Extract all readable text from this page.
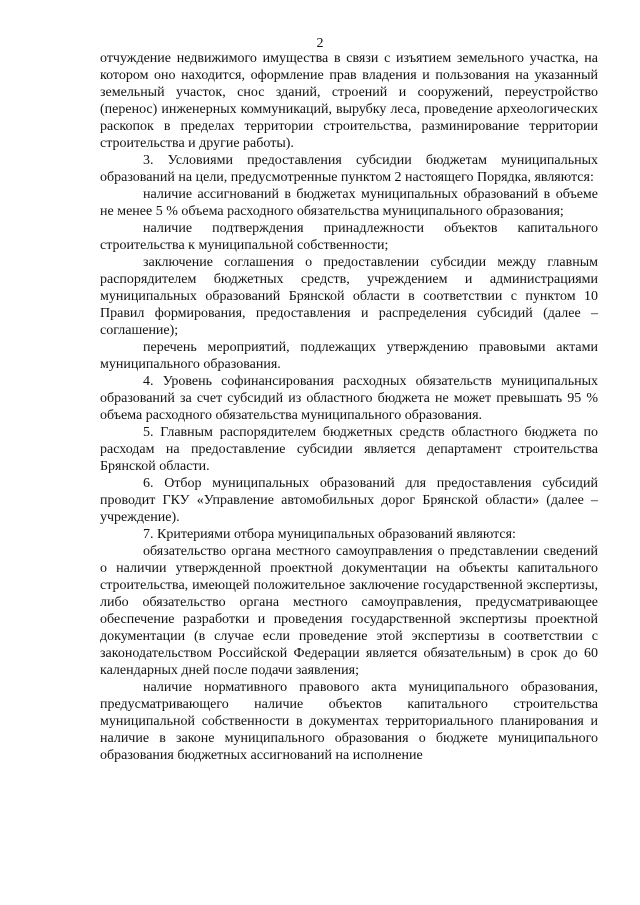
2

отчуждение недвижимого имущества в связи с изъятием земельного участка, на котором оно находится, оформление прав владения и пользования на указанный земельный участок, снос зданий, строений и сооружений, переустройство (перенос) инженерных коммуникаций, вырубку леса, проведение археологических раскопок в пределах территории строительства, разминирование территории строительства и другие работы).

3. Условиями предоставления субсидии бюджетам муниципальных образований на цели, предусмотренные пунктом 2 настоящего Порядка, являются:

наличие ассигнований в бюджетах муниципальных образований в объеме не менее 5 % объема расходного обязательства муниципального образования;

наличие подтверждения принадлежности объектов капитального строительства к муниципальной собственности;

заключение соглашения о предоставлении субсидии между главным распорядителем бюджетных средств, учреждением и администрациями муниципальных образований Брянской области в соответствии с пунктом 10 Правил формирования, предоставления и распределения субсидий (далее – соглашение);

перечень мероприятий, подлежащих утверждению правовыми актами муниципального образования.

4. Уровень софинансирования расходных обязательств муниципальных образований за счет субсидий из областного бюджета не может превышать 95 % объема расходного обязательства муниципального образования.

5. Главным распорядителем бюджетных средств областного бюджета по расходам на предоставление субсидии является департамент строительства Брянской области.

6. Отбор муниципальных образований для предоставления субсидий проводит ГКУ «Управление автомобильных дорог Брянской области» (далее – учреждение).

7. Критериями отбора муниципальных образований являются:

обязательство органа местного самоуправления о представлении сведений о наличии утвержденной проектной документации на объекты капитального строительства, имеющей положительное заключение государственной экспертизы, либо обязательство органа местного самоуправления, предусматривающее обеспечение разработки и проведения государственной экспертизы проектной документации (в случае если проведение этой экспертизы в соответствии с законодательством Российской Федерации является обязательным) в срок до 60 календарных дней после подачи заявления;

наличие нормативного правового акта муниципального образования, предусматривающего наличие объектов капитального строительства муниципальной собственности в документах территориального планирования и наличие в законе муниципального образования о бюджете муниципального образования бюджетных ассигнований на исполнение
